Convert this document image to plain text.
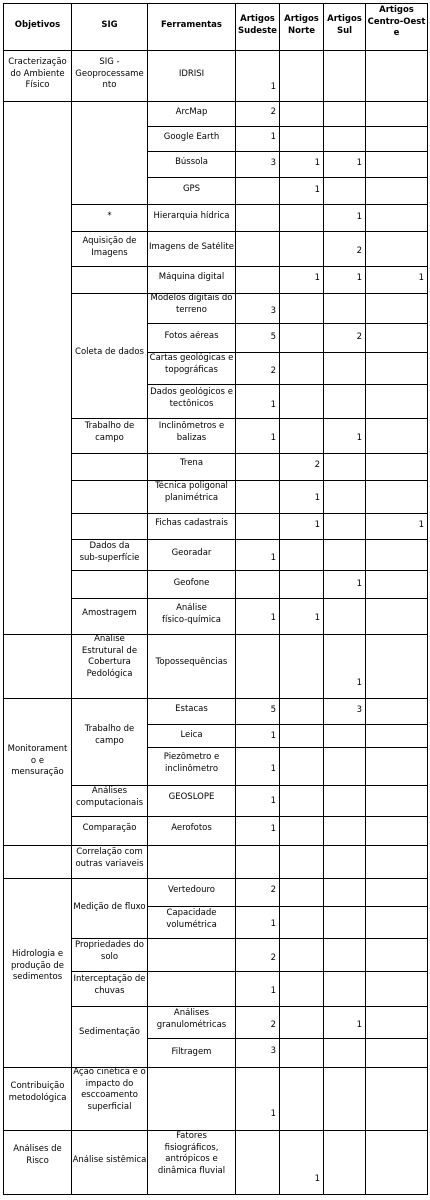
Objetivos	SIG	Ferramentas
Artigos
Sudeste
Artigos
Norte
Artigos
Sul
Artigos
Centro-Oest
e
Cracterização
do Ambiente
Físico
Monitorament
o e
mensuração
Hidrologia e
produção de
sedimentos
Contribuição
metodológica
Análises de
Risco
SIG -
Geoprocessame
nto
*
Aquisição de
Imagens
Coleta de dados
Trabalho de
campo
Dados da
sub-superfície
Amostragem
Análise
Estrutural de
Cobertura
Pedológica
Trabalho de
campo
Análises
computacionais
Comparação
Correlação com
outras variaveis
Medição de fluxo
Propriedades do
solo
Interceptação de
chuvas
Sedimentação
Ação cinética e o
impacto do
esccoamento
superficial
Análise sistêmica
IDRISI
ArcMap
Google Earth
Bússola
GPS
Hierarquia hídrica
Imagens de Satélite
Máquina digital
Modelos digitais do
terreno
Fotos aéreas
Cartas geológicas e
topográficas
Dados geológicos e
tectônicos
Inclinômetros e
balizas
Trena
Técnica poligonal
planimétrica
Fichas cadastrais
Georadar
Geofone
Análise
físico-química
Topossequências
Estacas
Leica
Piezômetro e
inclinômetro
GEOSLOPE
Aerofotos
Vertedouro
Capacidade
volumétrica
Análises
granulométricas
Filtragem
Fatores
fisiográficos,
antrópicos e
dinâmica fluvial
1
2
1
3
3
5
2
1
1
1
1
5
1
1
1
1
2
1
2
1
2
3
1
1
1
1
2
1
1
1
1
1
1
2
1
2
1
1
1
3
1
1
1
